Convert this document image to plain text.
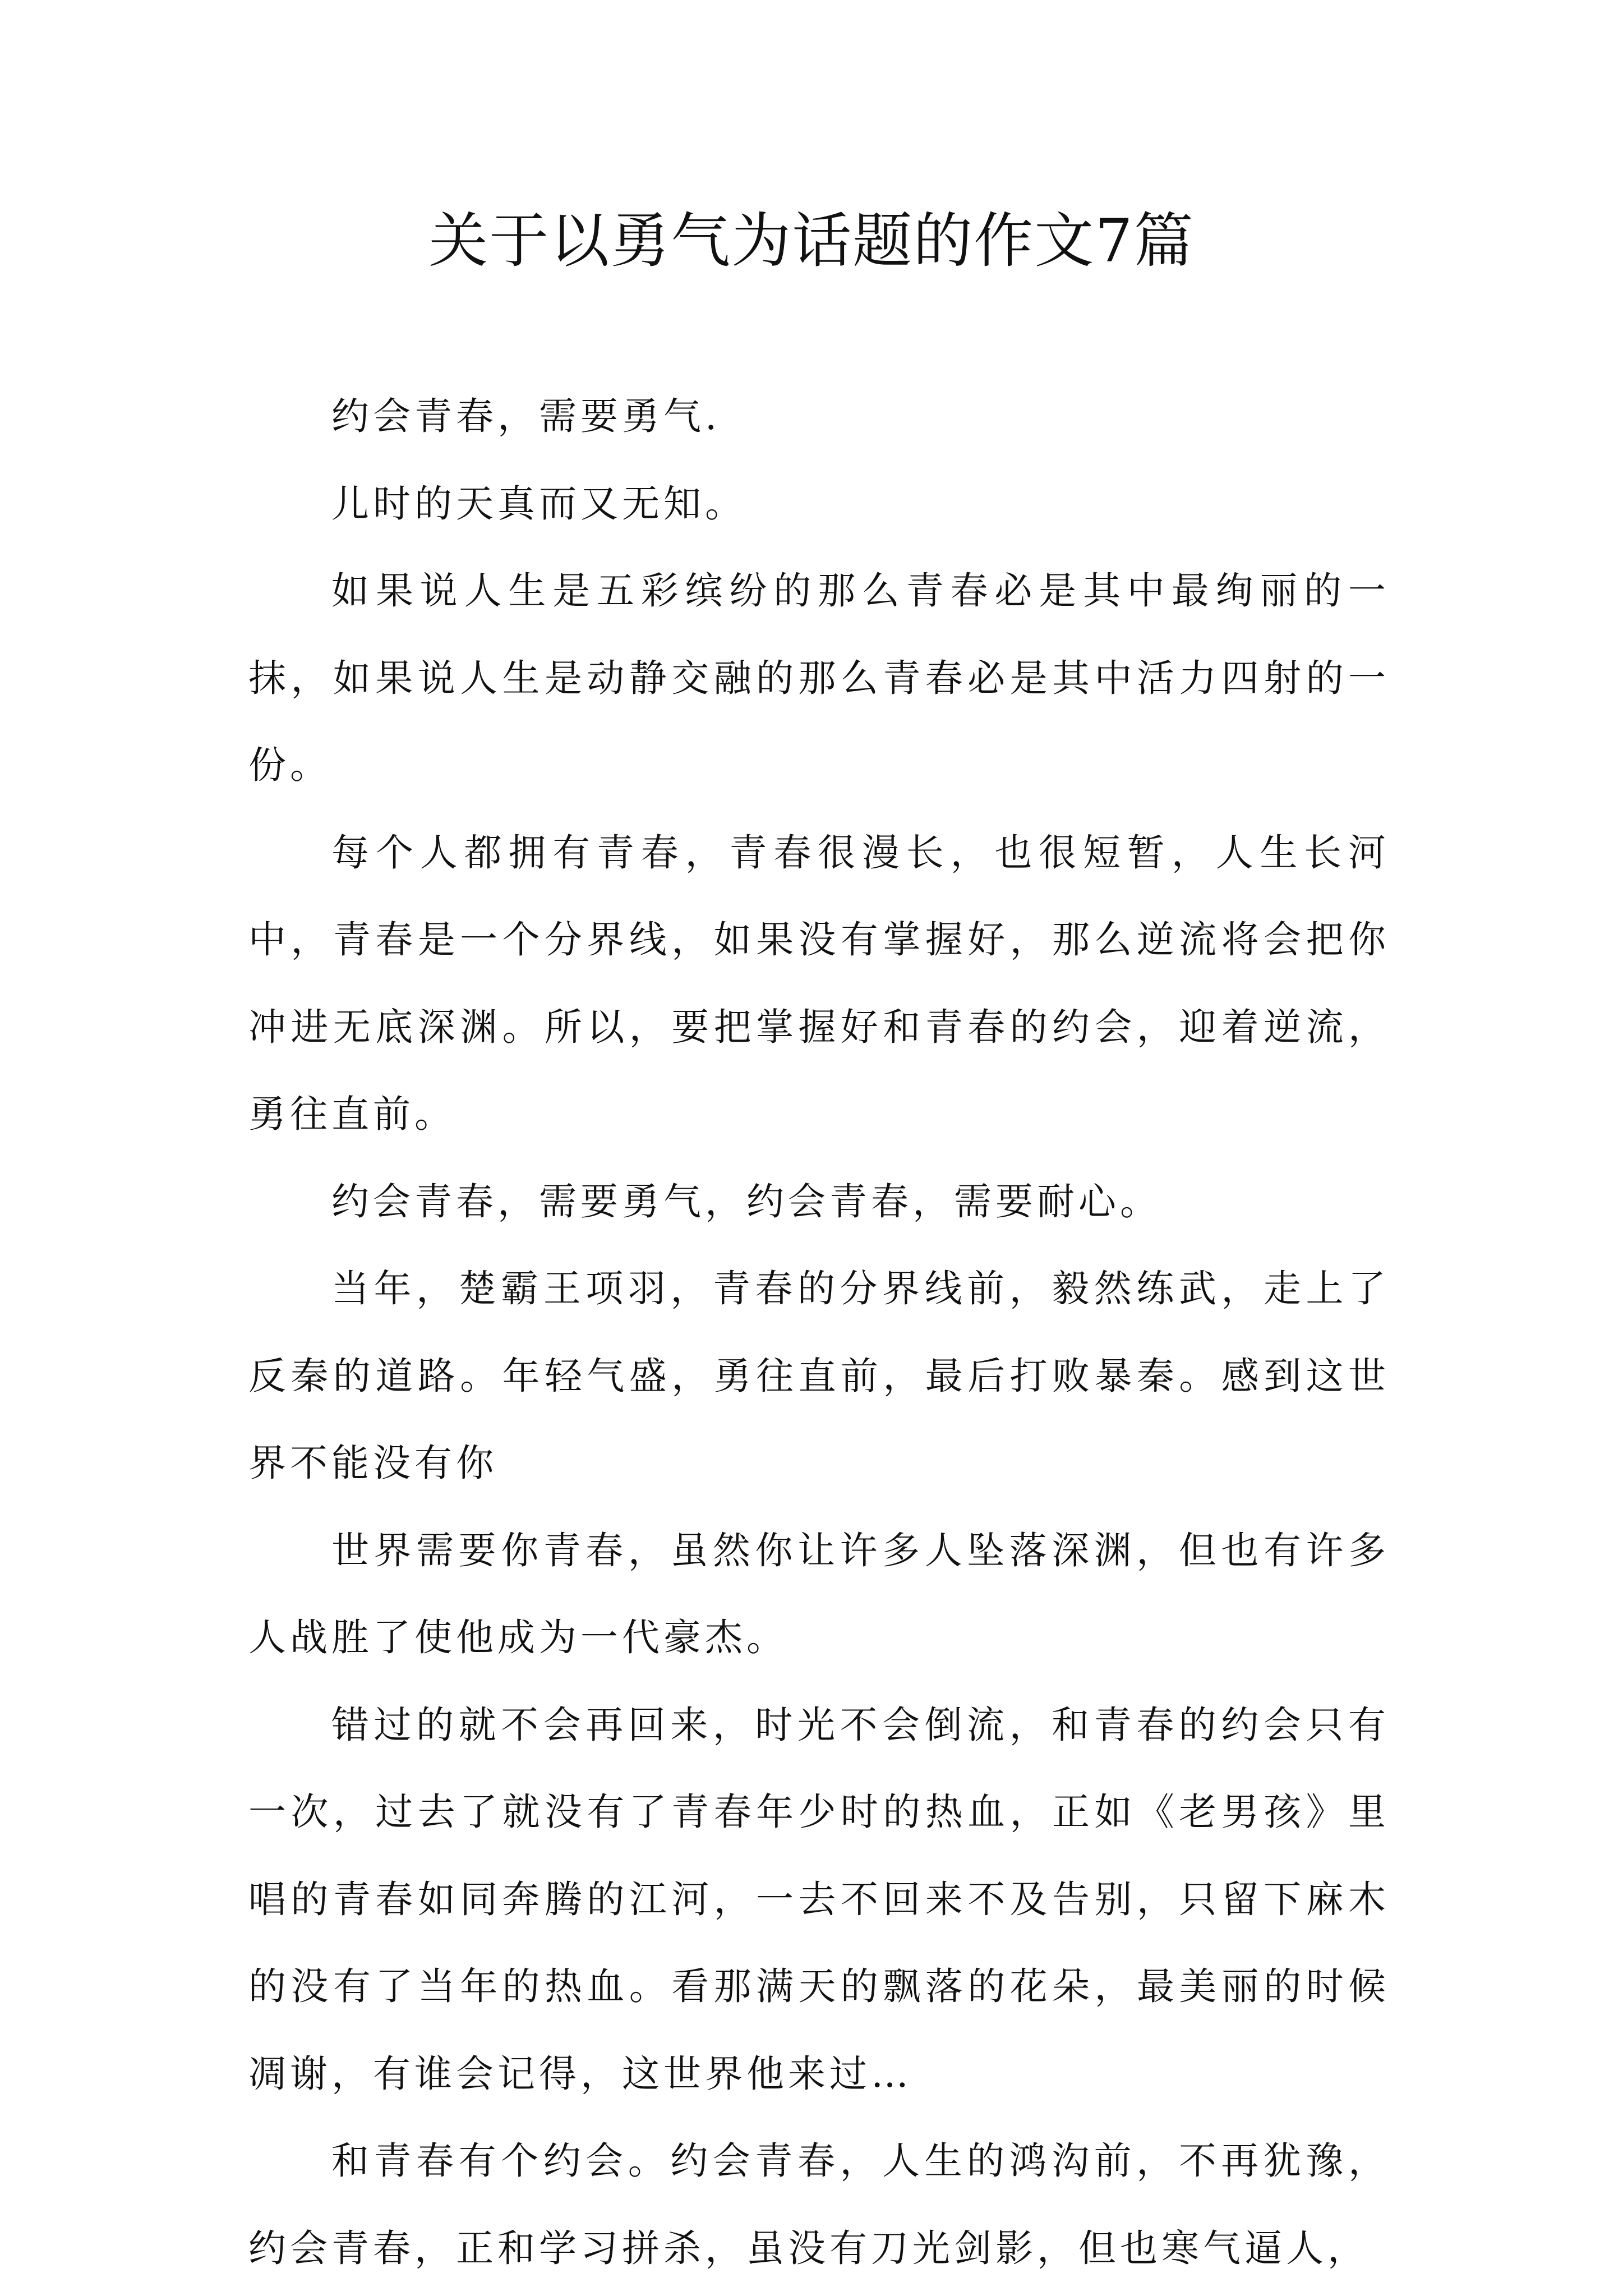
关于以勇气为话题的作文7篇

约会青春，需要勇气.

儿时的天真而又无知。

如果说人生是五彩缤纷的那么青春必是其中最绚丽的一抹，如果说人生是动静交融的那么青春必是其中活力四射的一份。

每个人都拥有青春，青春很漫长，也很短暂，人生长河中，青春是一个分界线，如果没有掌握好，那么逆流将会把你冲进无底深渊。所以，要把掌握好和青春的约会，迎着逆流，勇往直前。

约会青春，需要勇气，约会青春，需要耐心。

当年，楚霸王项羽，青春的分界线前，毅然练武，走上了反秦的道路。年轻气盛，勇往直前，最后打败暴秦。感到这世界不能没有你

世界需要你青春，虽然你让许多人坠落深渊，但也有许多人战胜了使他成为一代豪杰。

错过的就不会再回来，时光不会倒流，和青春的约会只有一次，过去了就没有了青春年少时的热血，正如《老男孩》里唱的青春如同奔腾的江河，一去不回来不及告别，只留下麻木的没有了当年的热血。看那满天的飘落的花朵，最美丽的时候凋谢，有谁会记得，这世界他来过…

和青春有个约会。约会青春，人生的鸿沟前，不再犹豫，约会青春，正和学习拼杀，虽没有刀光剑影，但也寒气逼人，
